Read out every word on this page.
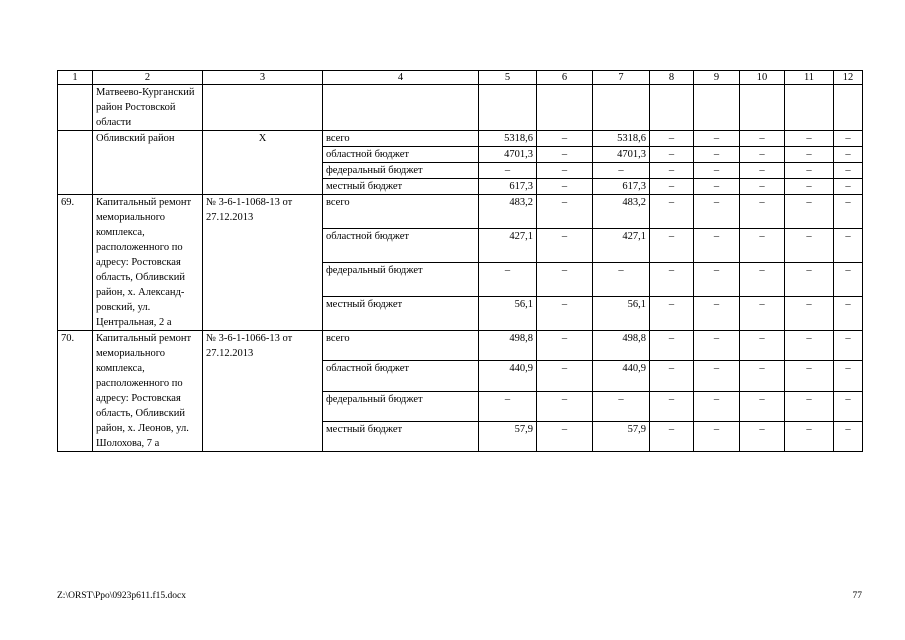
1	2	3	4	5	6	7	8	9	10	11	12
	Матвеево-Курганский район Ростовской области										
	Обливский район	Х	всего	5318,6	–	5318,6	–	–	–	–	–
			областной бюджет	4701,3	–	4701,3	–	–	–	–	–
			федеральный бюджет	–	–	–	–	–	–	–	–
			местный бюджет	617,3	–	617,3	–	–	–	–	–
69.	Капитальный ремонт мемориального комплекса, расположенного по адресу: Ростовская область, Обливский район, х. Александ-ровский, ул. Центральная, 2 а	№ 3-6-1-1068-13 от 27.12.2013	всего	483,2	–	483,2	–	–	–	–	–
			областной бюджет	427,1	–	427,1	–	–	–	–	–
			федеральный бюджет	–	–	–	–	–	–	–	–
			местный бюджет	56,1	–	56,1	–	–	–	–	–
70.	Капитальный ремонт мемориального комплекса, расположенного по адресу: Ростовская область, Обливский район, х. Леонов, ул. Шолохова, 7 а	№ 3-6-1-1066-13 от 27.12.2013	всего	498,8	–	498,8	–	–	–	–	–
			областной бюджет	440,9	–	440,9	–	–	–	–	–
			федеральный бюджет	–	–	–	–	–	–	–	–
			местный бюджет	57,9	–	57,9	–	–	–	–	–
Z:\ORST\Ppo\0923p611.f15.docx	77
